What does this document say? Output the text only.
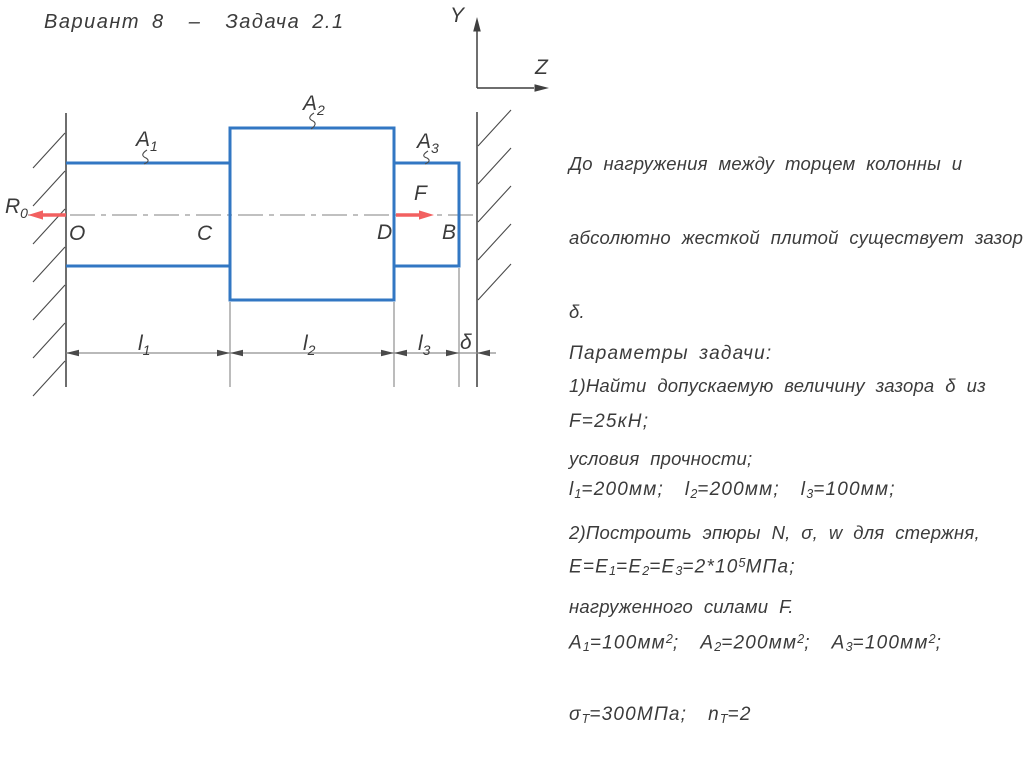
Вариант 8  –  Задача 2.1	Y
Z
$l_1$	$l_2$	$l_3$ δ
$R_0$
O	C	D B
F
$A_1$
$A_2$
$A_3$

До нагружения между торцем колонны и

абсолютно жесткой плитой существует зазор

δ.

1)Найти допускаемую величину зазора δ из

условия прочности;

2)Построить эпюры N, σ, w для стержня,

нагруженного силами F.

Параметры задачи:

F=25кН;

$l_1=200мм$;  $l_2=200мм$;  $l_3=100мм$;

$E=E_1=E_2=E_3=2*10^5МПа$;

$A_1=100мм^2$;  $A_2=200мм^2$;  $A_3=100мм^2$;

$\sigma_Т=300МПа$;  $n_Т=2$
